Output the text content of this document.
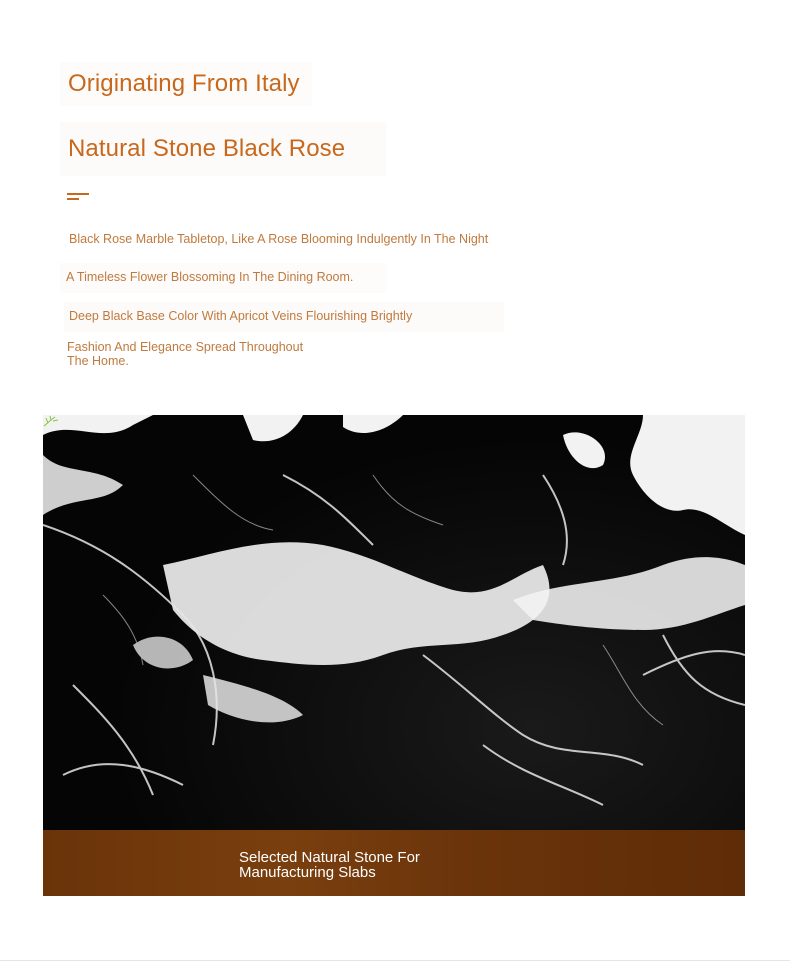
Originating From Italy
Natural Stone Black Rose

Black Rose Marble Tabletop, Like A Rose Blooming Indulgently In The Night

A Timeless Flower Blossoming In The Dining Room.

Deep Black Base Color With Apricot Veins Flourishing Brightly

Fashion And Elegance Spread Throughout
The Home.

Selected Natural Stone For
Manufacturing Slabs
